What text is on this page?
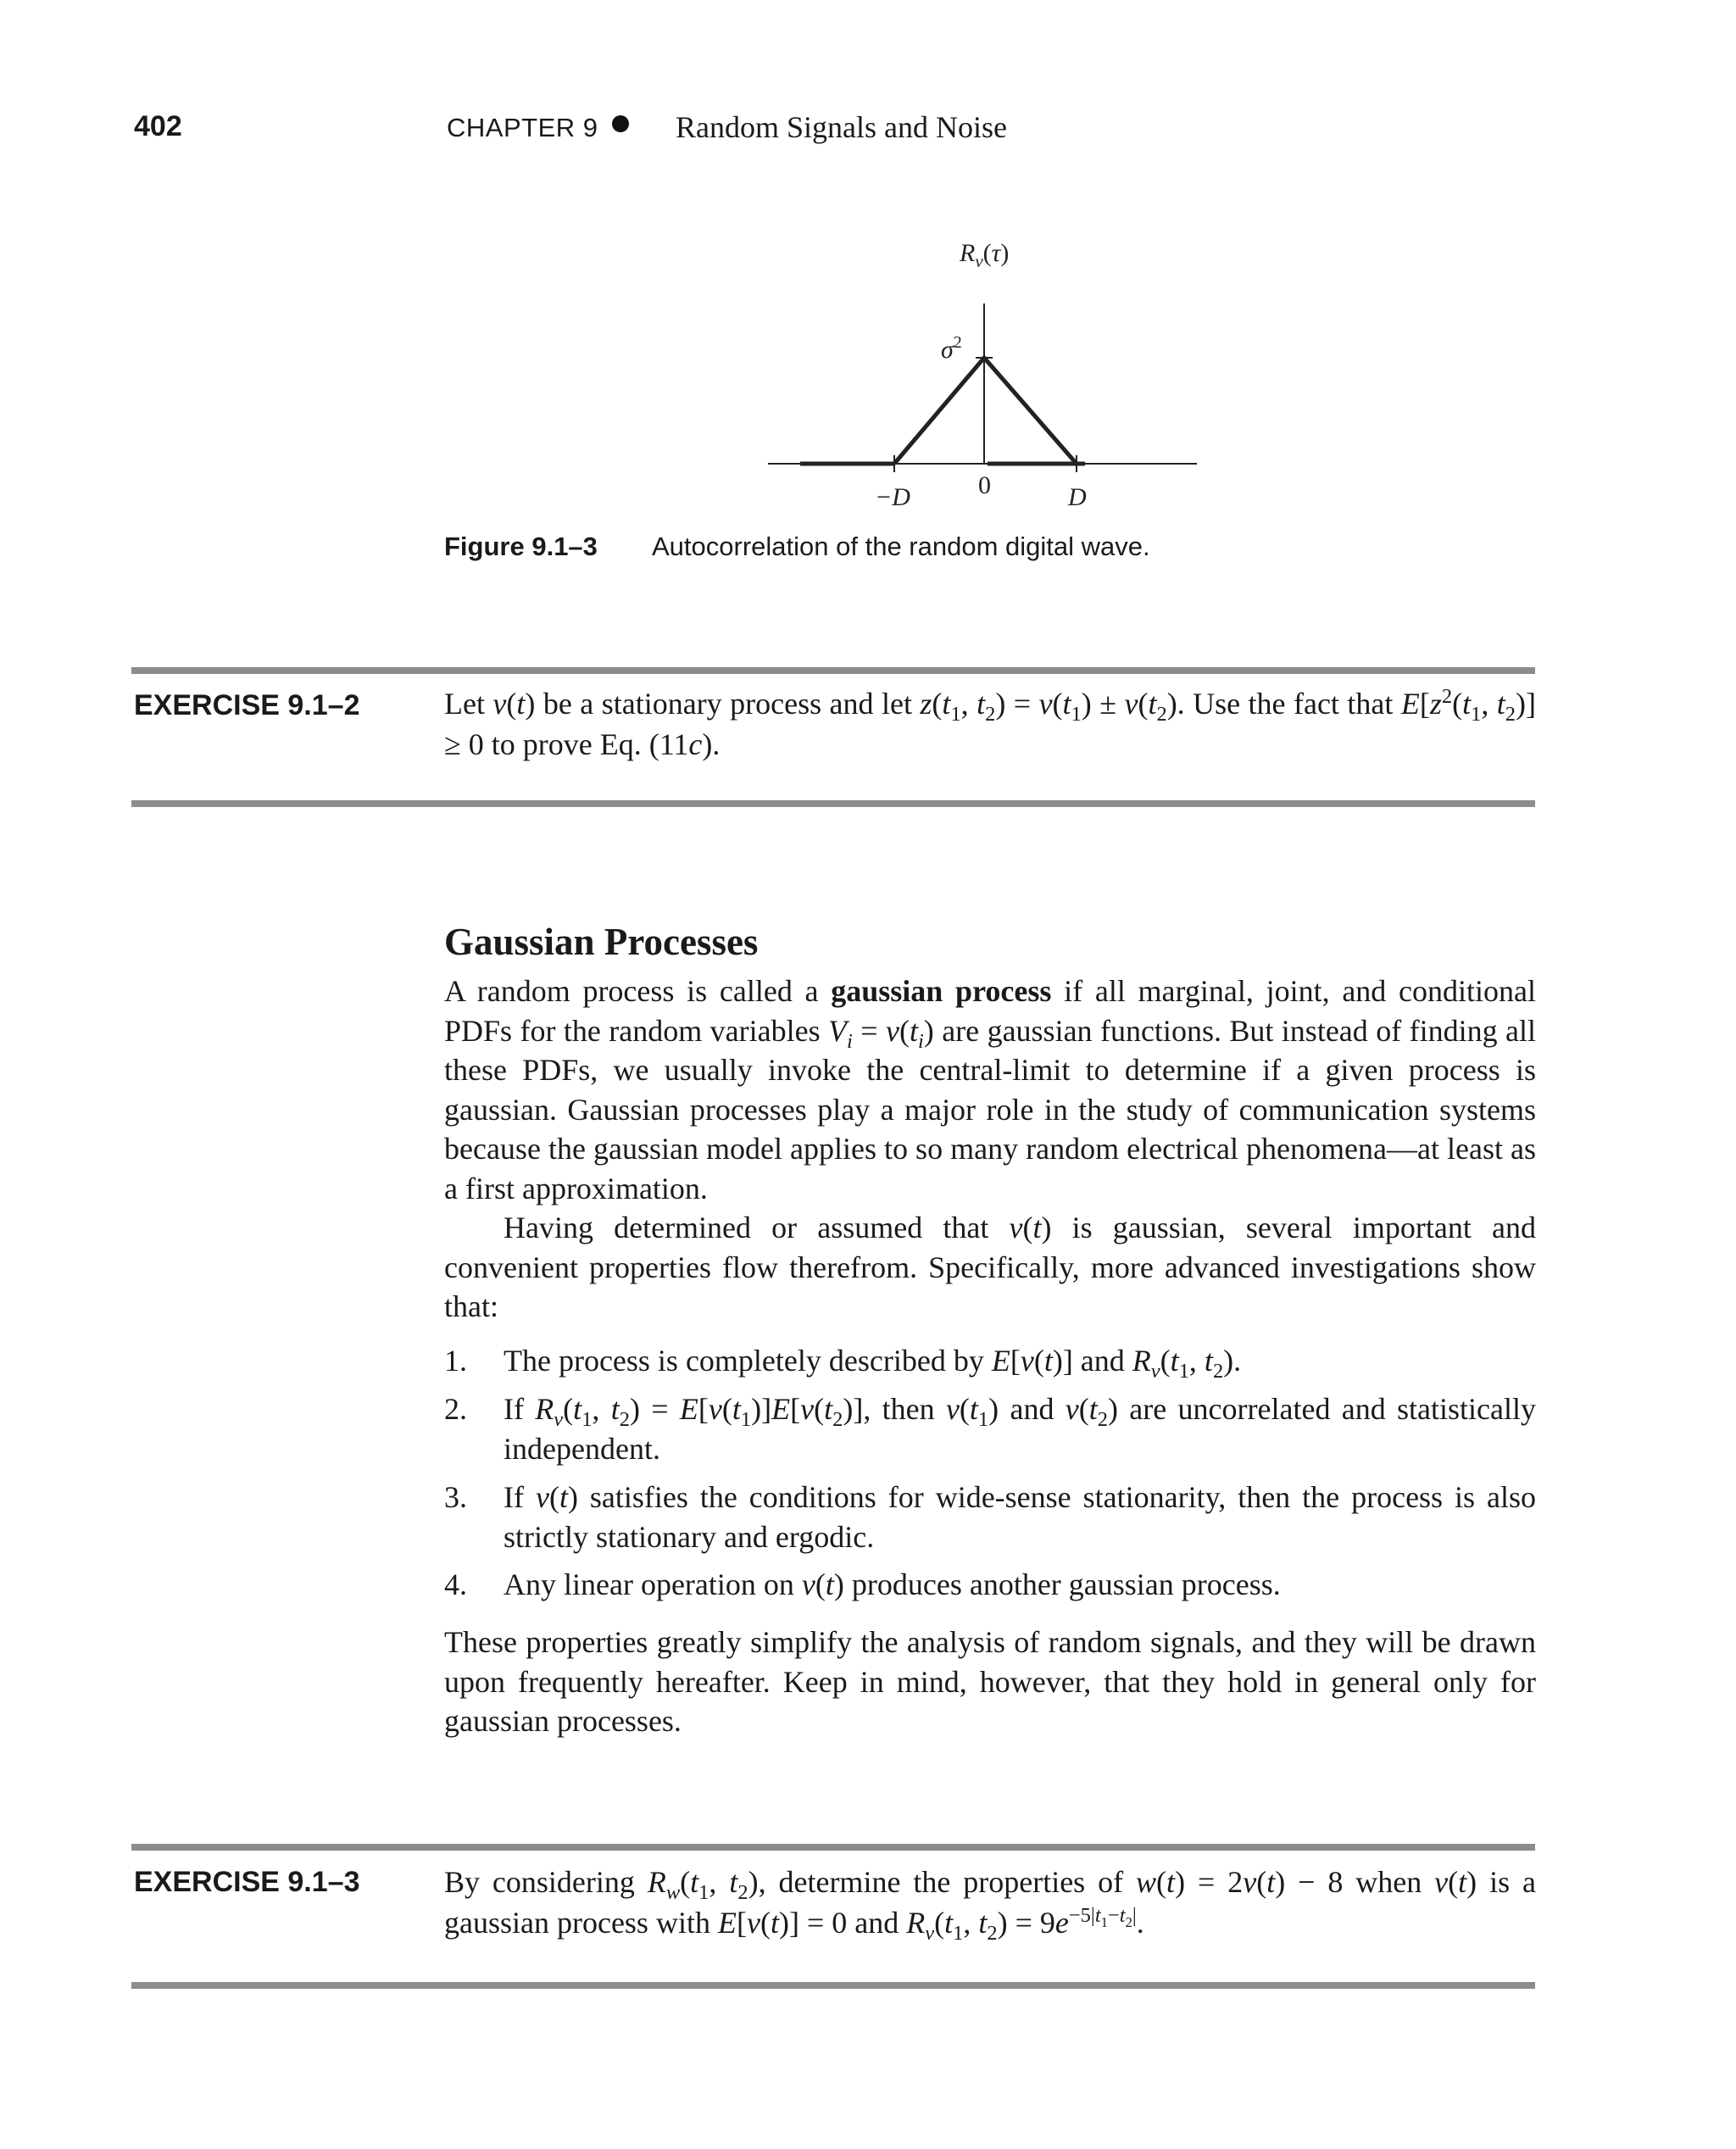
402	CHAPTER 9	Random Signals and Noise
$R_v(\tau)$
$\sigma^2$
0
−D	D
Figure 9.1–3 Autocorrelation of the random digital wave.
EXERCISE 9.1–2	Let v(t) be a stationary process and let $z(t_1$, $t_2) = v(t_1) \pm v(t_2)$. Use the fact that $E[z^2(t_1$, $t_2)] \ge 0$ to prove Eq. (11c).
Gaussian Processes

A random process is called a gaussian process if all marginal, joint, and conditional PDFs for the random variables $V_i = v(t_i)$ are gaussian functions. But instead of finding all these PDFs, we usually invoke the central-limit to determine if a given process is gaussian. Gaussian processes play a major role in the study of communication systems because the gaussian model applies to so many random electrical phenomena—at least as a first approximation.

Having determined or assumed that v(t) is gaussian, several important and convenient properties flow therefrom. Specifically, more advanced investigations show that:

1. The process is completely described by E[v(t)] and $R_v(t_1$, $t_2$).
2. If $R_v(t_1$, $t_2) = E[v(t_1)]E[v(t_2)]$, then $v(t_1)$ and $v(t_2)$ are uncorrelated and statistically independent.
3. If v(t) satisfies the conditions for wide-sense stationarity, then the process is also strictly stationary and ergodic.
4. Any linear operation on v(t) produces another gaussian process.

These properties greatly simplify the analysis of random signals, and they will be drawn upon frequently hereafter. Keep in mind, however, that they hold in general only for gaussian processes.

EXERCISE 9.1–3	By considering $R_w(t_1$, $t_2$), determine the properties of w(t) = 2v(t) − 8 when v(t) is a gaussian process with E[v(t)] = 0 and $R_v(t_1$, $t_2) = 9e^{-5|t_1-t_2|}$.
